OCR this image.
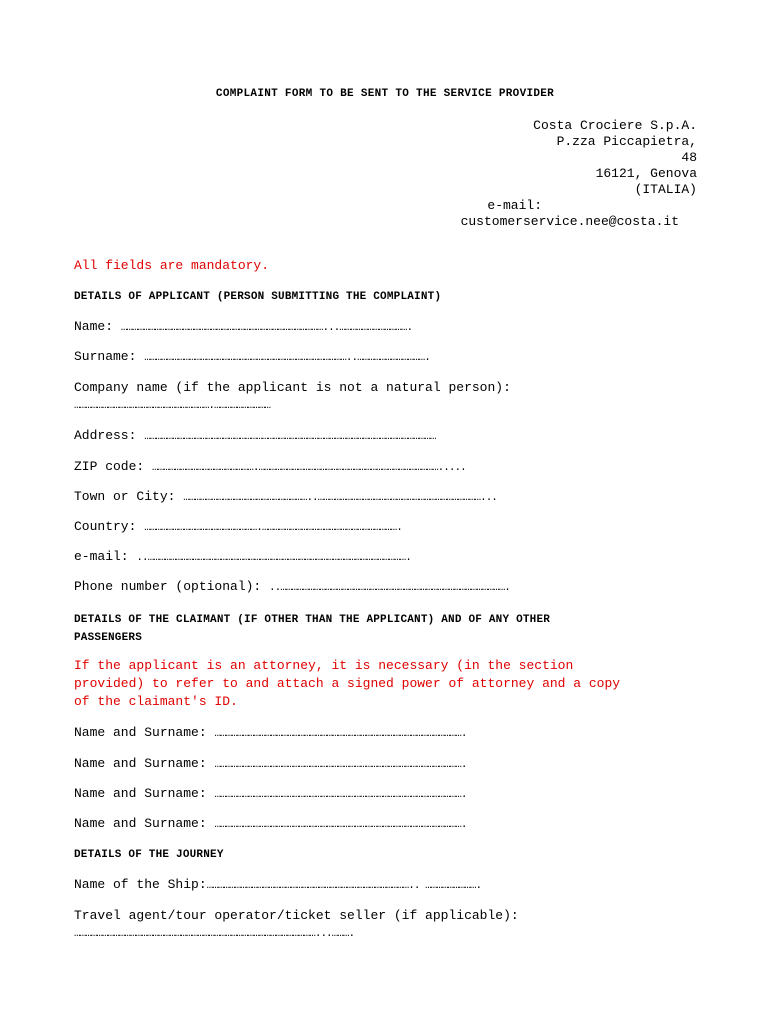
COMPLAINT FORM TO BE SENT TO THE SERVICE PROVIDER
Costa Crociere S.p.A.
P.zza Piccapietra,
48
16121, Genova
(ITALIA)
e-mail:
customerservice.nee@costa.it
All fields are mandatory.
DETAILS OF APPLICANT (PERSON SUBMITTING THE COMPLAINT)
Name: ………………………………………………………………………………………………...……………………………….
Surname: ………………………………………………………………………………………………..……………………………….
Company name (if the applicant is not a natural person):
……………………………………………………………….…………………………
Address: …………………………………………………………………………………………………………………………………………
ZIP code: ……………………………………………….…………………………………………………………………………………….....
Town or City: …………………………………………………………..……………………………………………………………………………...
Country: …………………………………………………….……………………………………………………………….
e-mail: ..………………………………………………………………………………………………………………………….
Phone number (optional): ..………………………………………………………………………………………………………….
DETAILS OF THE CLAIMANT (IF OTHER THAN THE APPLICANT) AND OF ANY OTHER
PASSENGERS
If the applicant is an attorney, it is necessary (in the section
provided) to refer to and attach a signed power of attorney and a copy
of the claimant's ID.
Name and Surname: …………………………………………………………………………………………………………………….
Name and Surname: …………………………………………………………………………………………………………………….
Name and Surname: …………………………………………………………………………………………………………………….
Name and Surname: …………………………………………………………………………………………………………………….
DETAILS OF THE JOURNEY
Name of the Ship:……………………………………………………………………………………………….. ……………………….
Travel agent/tour operator/ticket seller (if applicable):
…………………………………………………………………………………………………………………...……….
